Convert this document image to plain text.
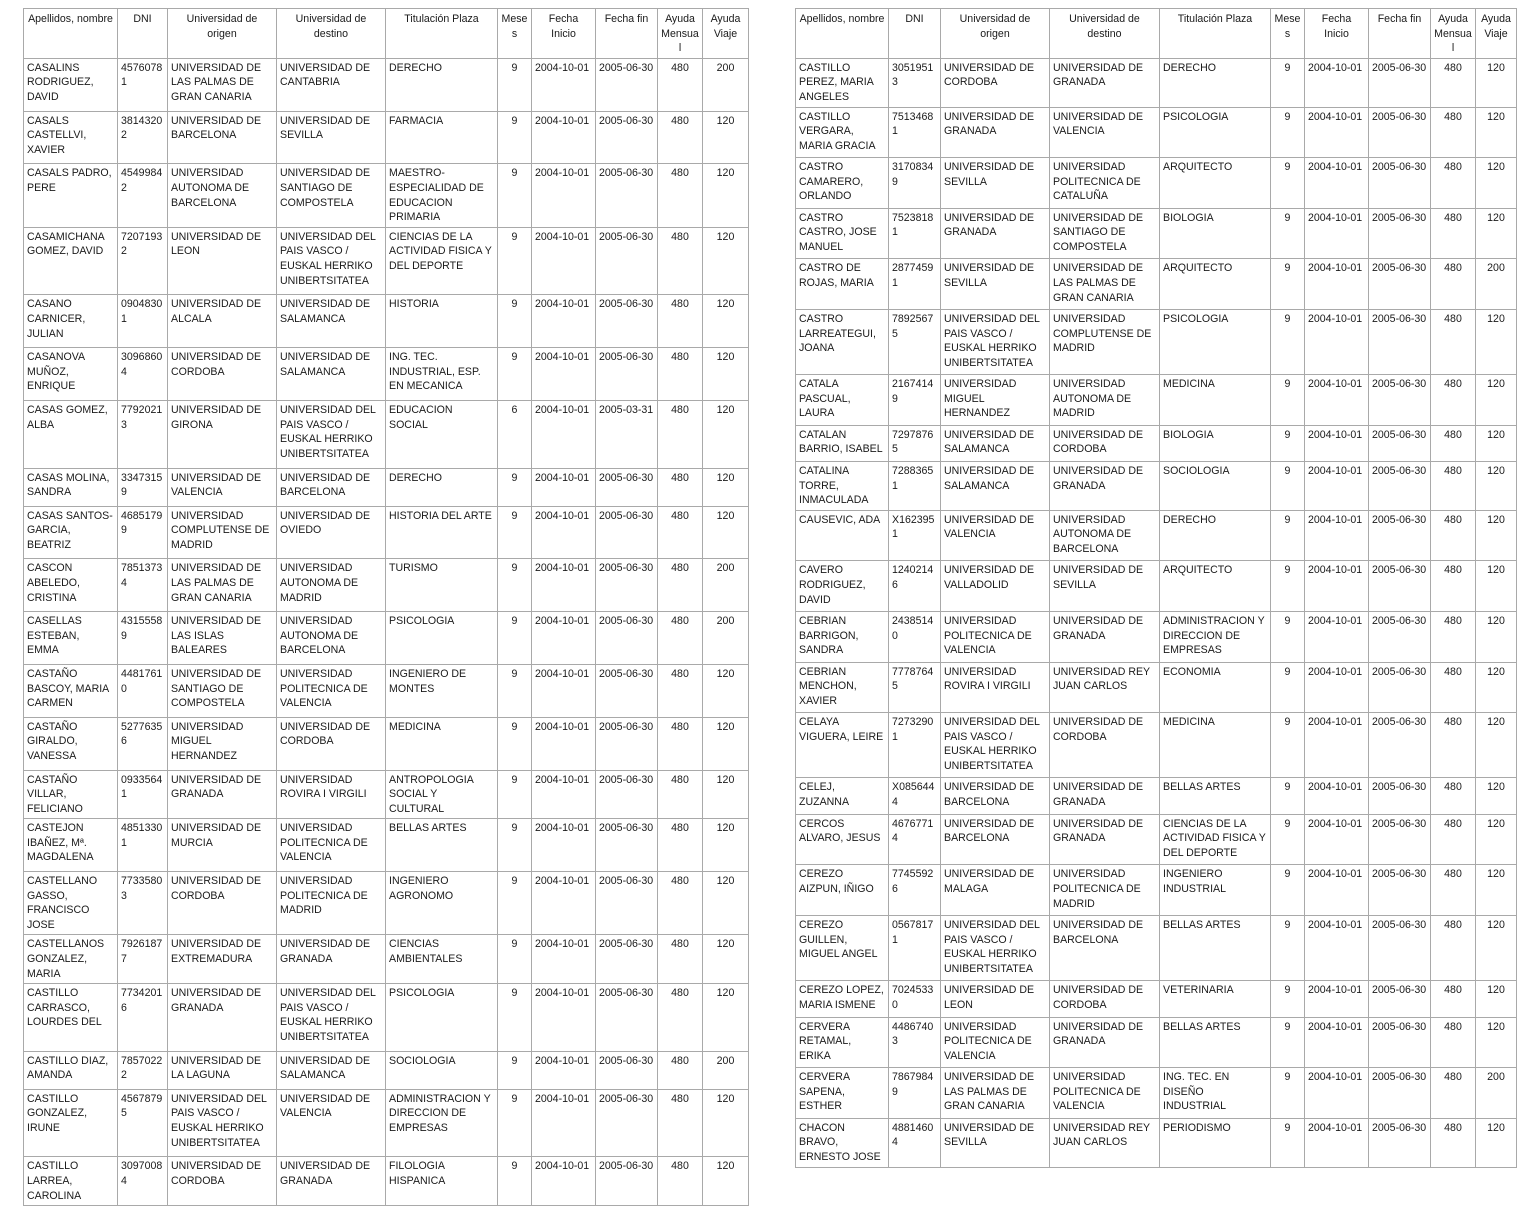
Apellidos, nombre	DNI	Universidad de origen	Universidad de destino	Titulación Plaza	Meses	Fecha Inicio	Fecha fin	Ayuda Mensual	Ayuda Viaje
CASALINS RODRIGUEZ, DAVID	45760781	UNIVERSIDAD DE LAS PALMAS DE GRAN CANARIA	UNIVERSIDAD DE CANTABRIA	DERECHO	9	2004-10-01	2005-06-30	480	200
CASALS CASTELLVI, XAVIER	38143202	UNIVERSIDAD DE BARCELONA	UNIVERSIDAD DE SEVILLA	FARMACIA	9	2004-10-01	2005-06-30	480	120
CASALS PADRO, PERE	45499842	UNIVERSIDAD AUTONOMA DE BARCELONA	UNIVERSIDAD DE SANTIAGO DE COMPOSTELA	MAESTRO-ESPECIALIDAD DE EDUCACION PRIMARIA	9	2004-10-01	2005-06-30	480	120
CASAMICHANA GOMEZ, DAVID	72071932	UNIVERSIDAD DE LEON	UNIVERSIDAD DEL PAIS VASCO / EUSKAL HERRIKO UNIBERTSITATEA	CIENCIAS DE LA ACTIVIDAD FISICA Y DEL DEPORTE	9	2004-10-01	2005-06-30	480	120
CASANO CARNICER, JULIAN	09048301	UNIVERSIDAD DE ALCALA	UNIVERSIDAD DE SALAMANCA	HISTORIA	9	2004-10-01	2005-06-30	480	120
CASANOVA MUÑOZ, ENRIQUE	30968604	UNIVERSIDAD DE CORDOBA	UNIVERSIDAD DE SALAMANCA	ING. TEC. INDUSTRIAL, ESP. EN MECANICA	9	2004-10-01	2005-06-30	480	120
CASAS GOMEZ, ALBA	77920213	UNIVERSIDAD DE GIRONA	UNIVERSIDAD DEL PAIS VASCO / EUSKAL HERRIKO UNIBERTSITATEA	EDUCACION SOCIAL	6	2004-10-01	2005-03-31	480	120
CASAS MOLINA, SANDRA	33473159	UNIVERSIDAD DE VALENCIA	UNIVERSIDAD DE BARCELONA	DERECHO	9	2004-10-01	2005-06-30	480	120
CASAS SANTOS-GARCIA, BEATRIZ	46851799	UNIVERSIDAD COMPLUTENSE DE MADRID	UNIVERSIDAD DE OVIEDO	HISTORIA DEL ARTE	9	2004-10-01	2005-06-30	480	120
CASCON ABELEDO, CRISTINA	78513734	UNIVERSIDAD DE LAS PALMAS DE GRAN CANARIA	UNIVERSIDAD AUTONOMA DE MADRID	TURISMO	9	2004-10-01	2005-06-30	480	200
CASELLAS ESTEBAN, EMMA	43155589	UNIVERSIDAD DE LAS ISLAS BALEARES	UNIVERSIDAD AUTONOMA DE BARCELONA	PSICOLOGIA	9	2004-10-01	2005-06-30	480	200
CASTAÑO BASCOY, MARIA CARMEN	44817610	UNIVERSIDAD DE SANTIAGO DE COMPOSTELA	UNIVERSIDAD POLITECNICA DE VALENCIA	INGENIERO DE MONTES	9	2004-10-01	2005-06-30	480	120
CASTAÑO GIRALDO, VANESSA	52776356	UNIVERSIDAD MIGUEL HERNANDEZ	UNIVERSIDAD DE CORDOBA	MEDICINA	9	2004-10-01	2005-06-30	480	120
CASTAÑO VILLAR, FELICIANO	09335641	UNIVERSIDAD DE GRANADA	UNIVERSIDAD ROVIRA I VIRGILI	ANTROPOLOGIA SOCIAL Y CULTURAL	9	2004-10-01	2005-06-30	480	120
CASTEJON IBAÑEZ, Mª. MAGDALENA	48513301	UNIVERSIDAD DE MURCIA	UNIVERSIDAD POLITECNICA DE VALENCIA	BELLAS ARTES	9	2004-10-01	2005-06-30	480	120
CASTELLANO GASSO, FRANCISCO JOSE	77335803	UNIVERSIDAD DE CORDOBA	UNIVERSIDAD POLITECNICA DE MADRID	INGENIERO AGRONOMO	9	2004-10-01	2005-06-30	480	120
CASTELLANOS GONZALEZ, MARIA	79261877	UNIVERSIDAD DE EXTREMADURA	UNIVERSIDAD DE GRANADA	CIENCIAS AMBIENTALES	9	2004-10-01	2005-06-30	480	120
CASTILLO CARRASCO, LOURDES DEL	77342016	UNIVERSIDAD DE GRANADA	UNIVERSIDAD DEL PAIS VASCO / EUSKAL HERRIKO UNIBERTSITATEA	PSICOLOGIA	9	2004-10-01	2005-06-30	480	120
CASTILLO DIAZ, AMANDA	78570222	UNIVERSIDAD DE LA LAGUNA	UNIVERSIDAD DE SALAMANCA	SOCIOLOGIA	9	2004-10-01	2005-06-30	480	200
CASTILLO GONZALEZ, IRUNE	45678795	UNIVERSIDAD DEL PAIS VASCO / EUSKAL HERRIKO UNIBERTSITATEA	UNIVERSIDAD DE VALENCIA	ADMINISTRACION Y DIRECCION DE EMPRESAS	9	2004-10-01	2005-06-30	480	120
CASTILLO LARREA, CAROLINA	30970084	UNIVERSIDAD DE CORDOBA	UNIVERSIDAD DE GRANADA	FILOLOGIA HISPANICA	9	2004-10-01	2005-06-30	480	120
Apellidos, nombre	DNI	Universidad de origen	Universidad de destino	Titulación Plaza	Meses	Fecha Inicio	Fecha fin	Ayuda Mensual	Ayuda Viaje
CASTILLO PEREZ, MARIA ANGELES	30519513	UNIVERSIDAD DE CORDOBA	UNIVERSIDAD DE GRANADA	DERECHO	9	2004-10-01	2005-06-30	480	120
CASTILLO VERGARA, MARIA GRACIA	75134681	UNIVERSIDAD DE GRANADA	UNIVERSIDAD DE VALENCIA	PSICOLOGIA	9	2004-10-01	2005-06-30	480	120
CASTRO CAMARERO, ORLANDO	31708349	UNIVERSIDAD DE SEVILLA	UNIVERSIDAD POLITECNICA DE CATALUÑA	ARQUITECTO	9	2004-10-01	2005-06-30	480	120
CASTRO CASTRO, JOSE MANUEL	75238181	UNIVERSIDAD DE GRANADA	UNIVERSIDAD DE SANTIAGO DE COMPOSTELA	BIOLOGIA	9	2004-10-01	2005-06-30	480	120
CASTRO DE ROJAS, MARIA	28774591	UNIVERSIDAD DE SEVILLA	UNIVERSIDAD DE LAS PALMAS DE GRAN CANARIA	ARQUITECTO	9	2004-10-01	2005-06-30	480	200
CASTRO LARREATEGUI, JOANA	78925675	UNIVERSIDAD DEL PAIS VASCO / EUSKAL HERRIKO UNIBERTSITATEA	UNIVERSIDAD COMPLUTENSE DE MADRID	PSICOLOGIA	9	2004-10-01	2005-06-30	480	120
CATALA PASCUAL, LAURA	21674149	UNIVERSIDAD MIGUEL HERNANDEZ	UNIVERSIDAD AUTONOMA DE MADRID	MEDICINA	9	2004-10-01	2005-06-30	480	120
CATALAN BARRIO, ISABEL	72978765	UNIVERSIDAD DE SALAMANCA	UNIVERSIDAD DE CORDOBA	BIOLOGIA	9	2004-10-01	2005-06-30	480	120
CATALINA TORRE, INMACULADA	72883651	UNIVERSIDAD DE SALAMANCA	UNIVERSIDAD DE GRANADA	SOCIOLOGIA	9	2004-10-01	2005-06-30	480	120
CAUSEVIC, ADA	X1623951	UNIVERSIDAD DE VALENCIA	UNIVERSIDAD AUTONOMA DE BARCELONA	DERECHO	9	2004-10-01	2005-06-30	480	120
CAVERO RODRIGUEZ, DAVID	12402146	UNIVERSIDAD DE VALLADOLID	UNIVERSIDAD DE SEVILLA	ARQUITECTO	9	2004-10-01	2005-06-30	480	120
CEBRIAN BARRIGON, SANDRA	24385140	UNIVERSIDAD POLITECNICA DE VALENCIA	UNIVERSIDAD DE GRANADA	ADMINISTRACION Y DIRECCION DE EMPRESAS	9	2004-10-01	2005-06-30	480	120
CEBRIAN MENCHON, XAVIER	77787645	UNIVERSIDAD ROVIRA I VIRGILI	UNIVERSIDAD REY JUAN CARLOS	ECONOMIA	9	2004-10-01	2005-06-30	480	120
CELAYA VIGUERA, LEIRE	72732901	UNIVERSIDAD DEL PAIS VASCO / EUSKAL HERRIKO UNIBERTSITATEA	UNIVERSIDAD DE CORDOBA	MEDICINA	9	2004-10-01	2005-06-30	480	120
CELEJ, ZUZANNA	X0856444	UNIVERSIDAD DE BARCELONA	UNIVERSIDAD DE GRANADA	BELLAS ARTES	9	2004-10-01	2005-06-30	480	120
CERCOS ALVARO, JESUS	46767714	UNIVERSIDAD DE BARCELONA	UNIVERSIDAD DE GRANADA	CIENCIAS DE LA ACTIVIDAD FISICA Y DEL DEPORTE	9	2004-10-01	2005-06-30	480	120
CEREZO AIZPUN, IÑIGO	77455926	UNIVERSIDAD DE MALAGA	UNIVERSIDAD POLITECNICA DE MADRID	INGENIERO INDUSTRIAL	9	2004-10-01	2005-06-30	480	120
CEREZO GUILLEN, MIGUEL ANGEL	05678171	UNIVERSIDAD DEL PAIS VASCO / EUSKAL HERRIKO UNIBERTSITATEA	UNIVERSIDAD DE BARCELONA	BELLAS ARTES	9	2004-10-01	2005-06-30	480	120
CEREZO LOPEZ, MARIA ISMENE	70245330	UNIVERSIDAD DE LEON	UNIVERSIDAD DE CORDOBA	VETERINARIA	9	2004-10-01	2005-06-30	480	120
CERVERA RETAMAL, ERIKA	44867403	UNIVERSIDAD POLITECNICA DE VALENCIA	UNIVERSIDAD DE GRANADA	BELLAS ARTES	9	2004-10-01	2005-06-30	480	120
CERVERA SAPENA, ESTHER	78679849	UNIVERSIDAD DE LAS PALMAS DE GRAN CANARIA	UNIVERSIDAD POLITECNICA DE VALENCIA	ING. TEC. EN DISEÑO INDUSTRIAL	9	2004-10-01	2005-06-30	480	200
CHACON BRAVO, ERNESTO JOSE	48814604	UNIVERSIDAD DE SEVILLA	UNIVERSIDAD REY JUAN CARLOS	PERIODISMO	9	2004-10-01	2005-06-30	480	120
